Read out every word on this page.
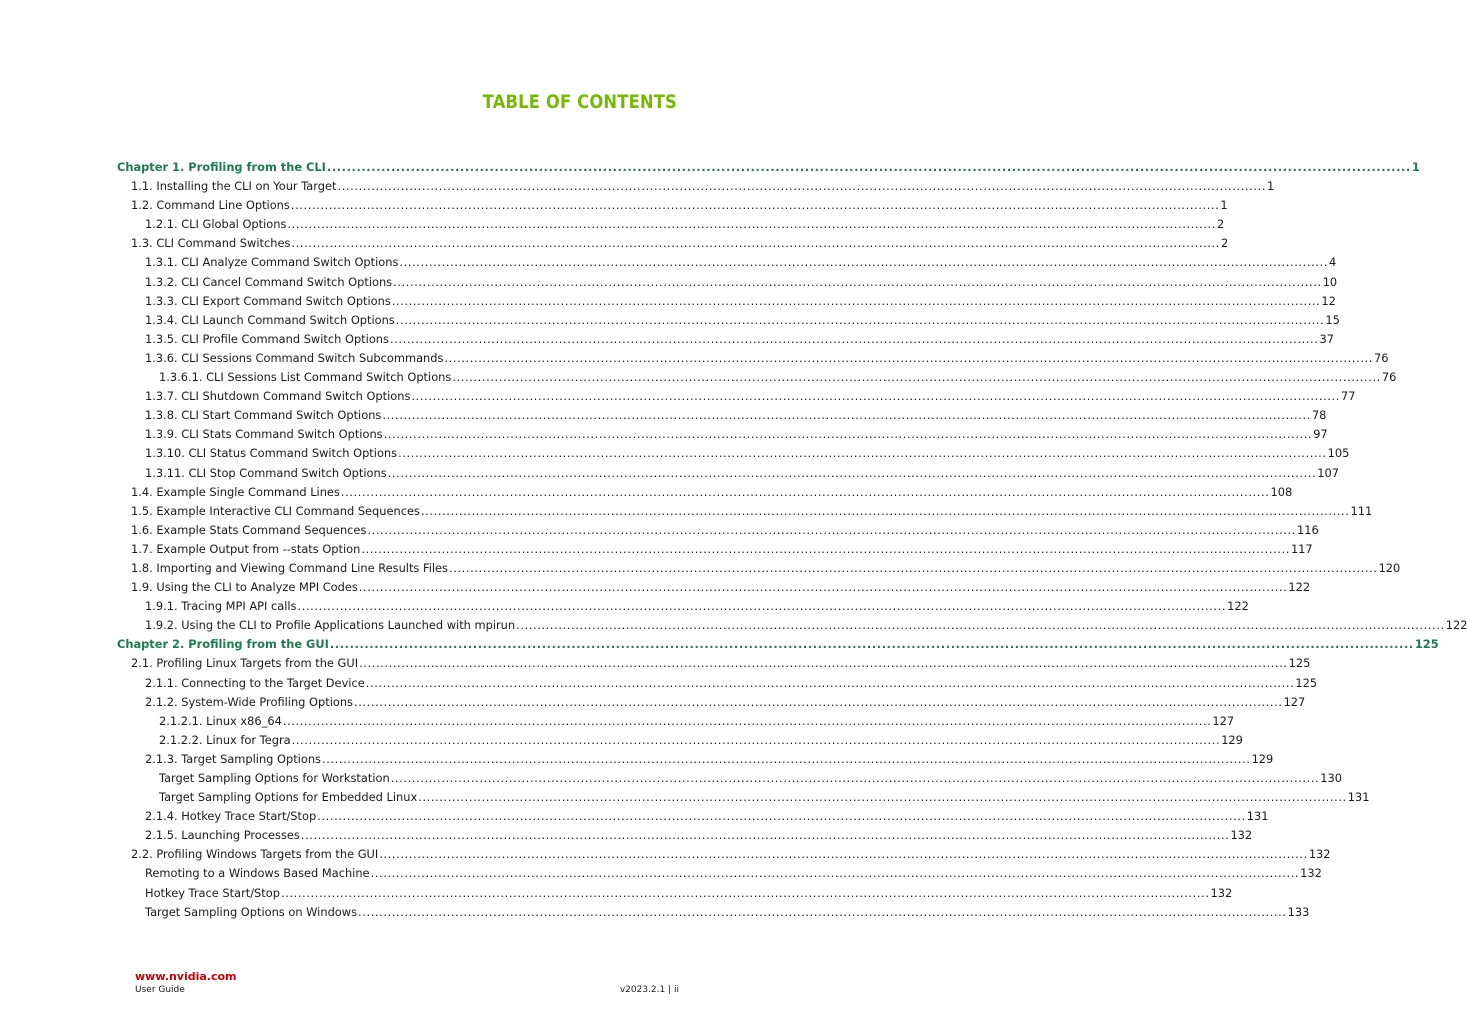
TABLE OF CONTENTS
Chapter 1. Profiling from the CLI ............................................................................................................................................................................................................................ 1
1.1. Installing the CLI on Your Target ............................................................................................................................................................................................................................ 1
1.2. Command Line Options ............................................................................................................................................................................................................................ 1
1.2.1. CLI Global Options ............................................................................................................................................................................................................................ 2
1.3. CLI Command Switches ............................................................................................................................................................................................................................ 2
1.3.1. CLI Analyze Command Switch Options ............................................................................................................................................................................................................................ 4
1.3.2. CLI Cancel Command Switch Options ............................................................................................................................................................................................................................ 10
1.3.3. CLI Export Command Switch Options ............................................................................................................................................................................................................................ 12
1.3.4. CLI Launch Command Switch Options ............................................................................................................................................................................................................................ 15
1.3.5. CLI Profile Command Switch Options ............................................................................................................................................................................................................................ 37
1.3.6. CLI Sessions Command Switch Subcommands ............................................................................................................................................................................................................................ 76
1.3.6.1. CLI Sessions List Command Switch Options ............................................................................................................................................................................................................................ 76
1.3.7. CLI Shutdown Command Switch Options ............................................................................................................................................................................................................................ 77
1.3.8. CLI Start Command Switch Options ............................................................................................................................................................................................................................ 78
1.3.9. CLI Stats Command Switch Options ............................................................................................................................................................................................................................ 97
1.3.10. CLI Status Command Switch Options ............................................................................................................................................................................................................................ 105
1.3.11. CLI Stop Command Switch Options ............................................................................................................................................................................................................................ 107
1.4. Example Single Command Lines ............................................................................................................................................................................................................................ 108
1.5. Example Interactive CLI Command Sequences ............................................................................................................................................................................................................................ 111
1.6. Example Stats Command Sequences ............................................................................................................................................................................................................................ 116
1.7. Example Output from --stats Option ............................................................................................................................................................................................................................ 117
1.8. Importing and Viewing Command Line Results Files ............................................................................................................................................................................................................................ 120
1.9. Using the CLI to Analyze MPI Codes ............................................................................................................................................................................................................................ 122
1.9.1. Tracing MPI API calls ............................................................................................................................................................................................................................ 122
1.9.2. Using the CLI to Profile Applications Launched with mpirun ............................................................................................................................................................................................................................ 122
Chapter 2. Profiling from the GUI ............................................................................................................................................................................................................................ 125
2.1. Profiling Linux Targets from the GUI ............................................................................................................................................................................................................................ 125
2.1.1. Connecting to the Target Device ............................................................................................................................................................................................................................ 125
2.1.2. System-Wide Profiling Options ............................................................................................................................................................................................................................ 127
2.1.2.1. Linux x86_64 ............................................................................................................................................................................................................................ 127
2.1.2.2. Linux for Tegra ............................................................................................................................................................................................................................ 129
2.1.3. Target Sampling Options ............................................................................................................................................................................................................................ 129
Target Sampling Options for Workstation ............................................................................................................................................................................................................................ 130
Target Sampling Options for Embedded Linux ............................................................................................................................................................................................................................ 131
2.1.4. Hotkey Trace Start/Stop ............................................................................................................................................................................................................................ 131
2.1.5. Launching Processes ............................................................................................................................................................................................................................ 132
2.2. Profiling Windows Targets from the GUI ............................................................................................................................................................................................................................ 132
Remoting to a Windows Based Machine ............................................................................................................................................................................................................................ 132
Hotkey Trace Start/Stop ............................................................................................................................................................................................................................ 132
Target Sampling Options on Windows ............................................................................................................................................................................................................................ 133
www.nvidia.com
User Guide	v2023.2.1 | ii
